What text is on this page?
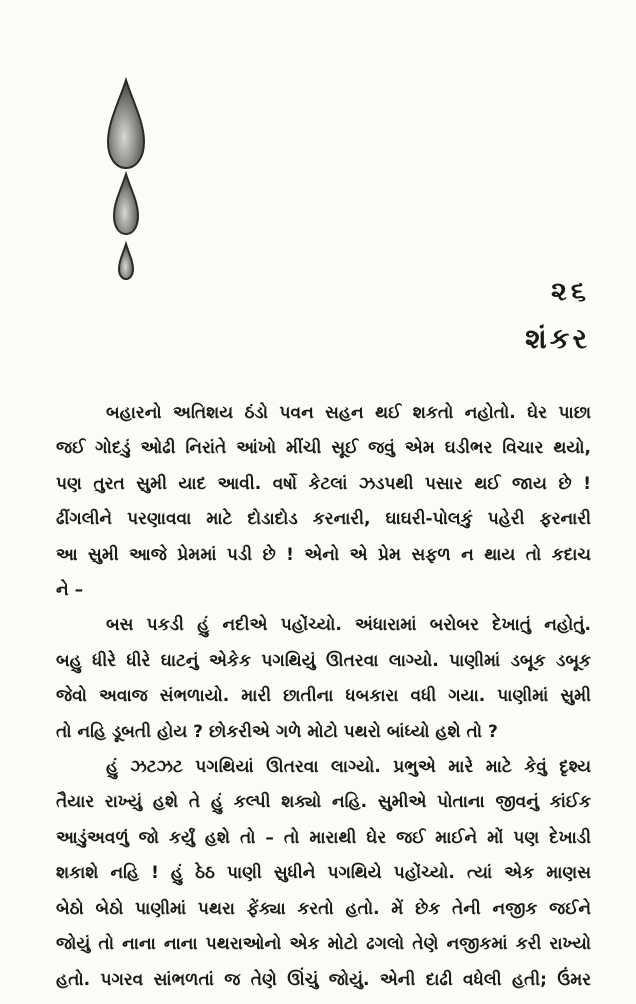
૨૬
શંકર
બહારનો અતિશય ઠંડો પવન સહન થઈ શકતો નહોતો. ઘેર પાછા
જઈ ગોદડું ઓઢી નિરાંતે આંખો મીંચી સૂઈ જવું એમ ઘડીભર વિચાર થયો,
પણ તુરત સુમી યાદ આવી. વર્ષો કેટલાં ઝડપથી પસાર થઈ જાય છે !
ઢીંગલીને પરણાવવા માટે દોડાદોડ કરનારી, ઘાઘરી-પોલકું પહેરી ફરનારી
આ સુમી આજે પ્રેમમાં પડી છે ! એનો એ પ્રેમ સફળ ન થાય તો કદાચ
ને –
બસ પકડી હું નદીએ પહોંચ્યો. અંધારામાં બરોબર દેખાતું નહોતું.
બહુ ધીરે ધીરે ઘાટનું એકેક પગથિયું ઊતરવા લાગ્યો. પાણીમાં ડબૂક ડબૂક
જેવો અવાજ સંભળાયો. મારી છાતીના ધબકારા વધી ગયા. પાણીમાં સુમી
તો નહિ ડૂબતી હોય ? છોકરીએ ગળે મોટો પથરો બાંધ્યો હશે તો ?
હું ઝટઝટ પગથિયાં ઊતરવા લાગ્યો. પ્રભુએ મારે માટે કેવું દૃશ્ય
તૈયાર રાખ્યું હશે તે હું કલ્પી શક્યો નહિ. સુમીએ પોતાના જીવનું કાંઈક
આડુંઅવળું જો કર્યું હશે તો – તો મારાથી ઘેર જઈ માઈને મોં પણ દેખાડી
શકાશે નહિ ! હું ઠેઠ પાણી સુધીને પગથિયે પહોંચ્યો. ત્યાં એક માણસ
બેઠો બેઠો પાણીમાં પથરા ફેંક્યા કરતો હતો. મેં છેક તેની નજીક જઈને
જોયું તો નાના નાના પથરાઓનો એક મોટો ઢગલો તેણે નજીકમાં કરી રાખ્યો
હતો. પગરવ સાંભળતાં જ તેણે ઊંચું જોયું. એની દાઢી વધેલી હતી; ઉંમર
